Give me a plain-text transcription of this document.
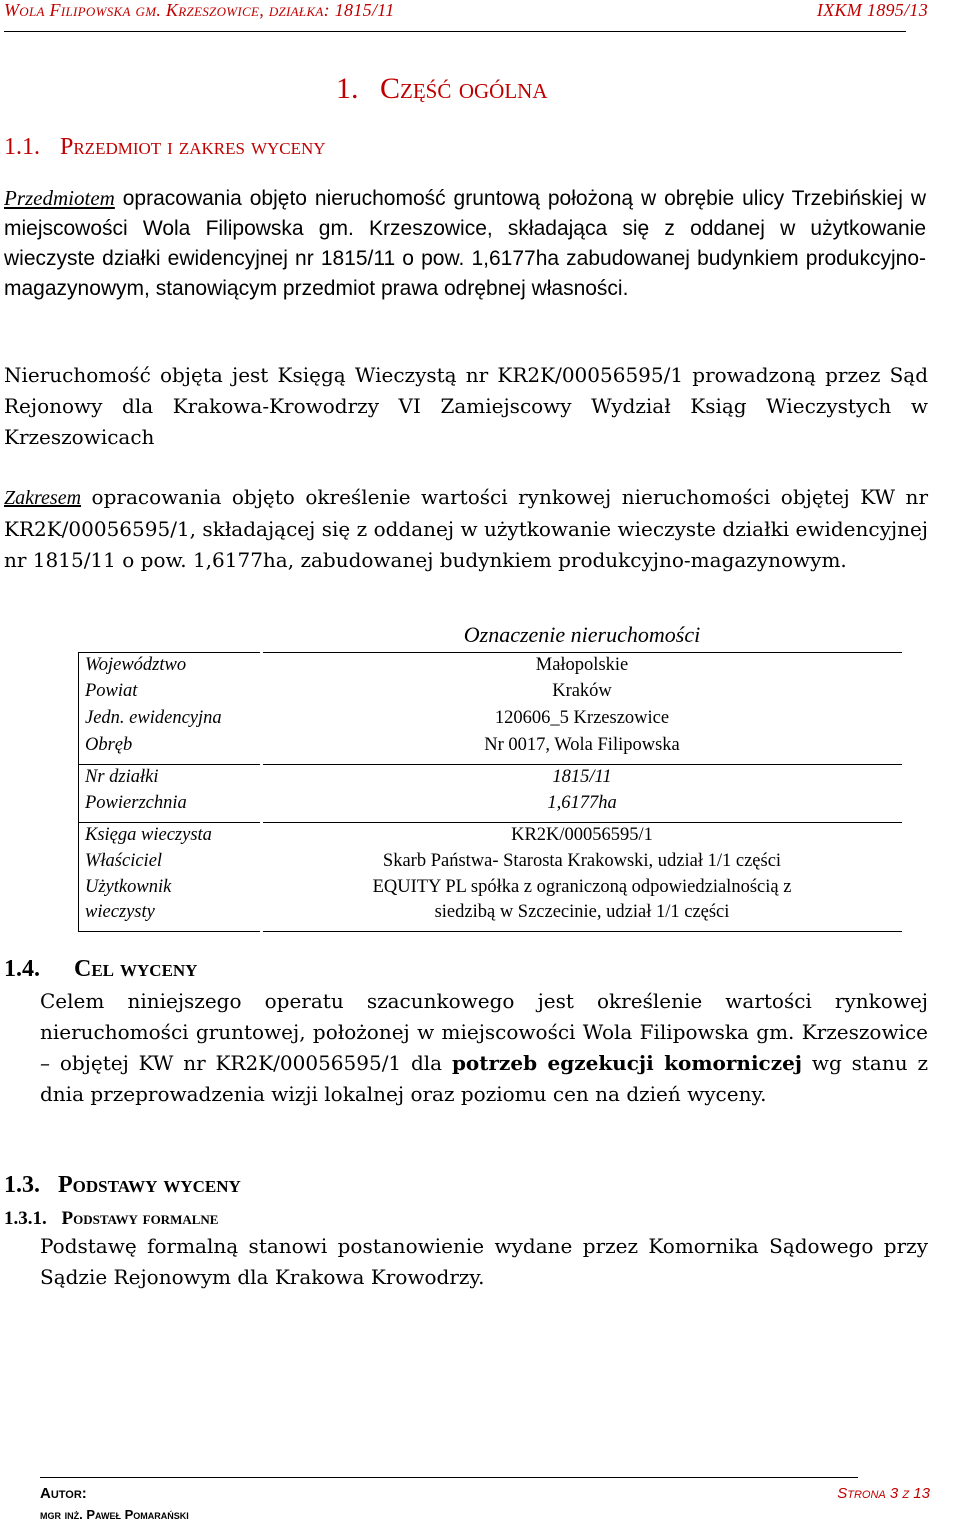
Wola Filipowska gm. Krzeszowice, działka: 1815/11	IXKM 1895/13
1. Część ogólna
1.1. Przedmiot i zakres wyceny
Przedmiotem opracowania objęto nieruchomość gruntową położoną w obrębie ulicy Trzebińskiej w miejscowości Wola Filipowska gm. Krzeszowice, składająca się z oddanej w użytkowanie wieczyste działki ewidencyjnej nr 1815/11 o pow. 1,6177ha zabudowanej budynkiem produkcyjno-magazynowym, stanowiącym przedmiot prawa odrębnej własności.
Nieruchomość objęta jest Księgą Wieczystą nr KR2K/00056595/1 prowadzoną przez Sąd Rejonowy dla Krakowa-Krowodrzy VI Zamiejscowy Wydział Ksiąg Wieczystych w Krzeszowicach
Zakresem opracowania objęto określenie wartości rynkowej nieruchomości objętej KW nr KR2K/00056595/1, składającej się z oddanej w użytkowanie wieczyste działki ewidencyjnej nr 1815/11 o pow. 1,6177ha, zabudowanej budynkiem produkcyjno-magazynowym.
Oznaczenie nieruchomości
Województwo	Małopolskie
Powiat	Kraków
Jedn. ewidencyjna	120606_5 Krzeszowice
Obręb	Nr 0017, Wola Filipowska
Nr działki	1815/11
Powierzchnia	1,6177ha
Księga wieczysta	KR2K/00056595/1
Właściciel	Skarb Państwa- Starosta Krakowski, udział 1/1 części
Użytkownik	EQUITY PL spółka z ograniczoną odpowiedzialnością z
wieczysty	siedzibą w Szczecinie, udział 1/1 części
1.4. Cel wyceny
Celem niniejszego operatu szacunkowego jest określenie wartości rynkowej nieruchomości gruntowej, położonej w miejscowości Wola Filipowska gm. Krzeszowice – objętej KW nr KR2K/00056595/1 dla potrzeb egzekucji komorniczej wg stanu z dnia przeprowadzenia wizji lokalnej oraz poziomu cen na dzień wyceny.
1.3. Podstawy wyceny
1.3.1. Podstawy formalne
Podstawę formalną stanowi postanowienie wydane przez Komornika Sądowego przy Sądzie Rejonowym dla Krakowa Krowodrzy.
Autor:
mgr inż. Paweł Pomarański
Strona 3 z 13
